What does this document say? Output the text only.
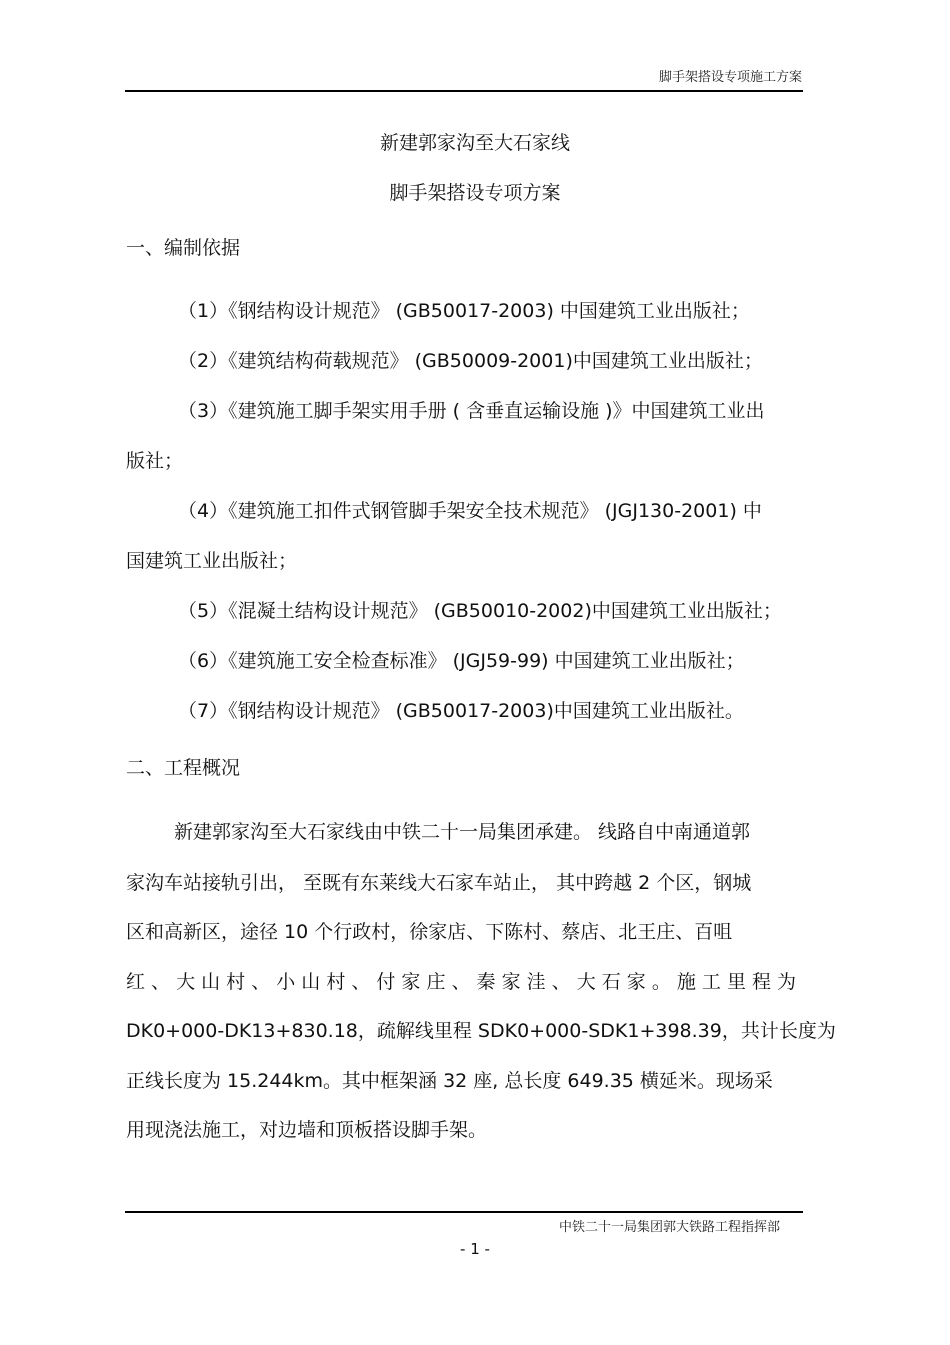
脚手架搭设专项施工方案
新建郭家沟至大石家线
脚手架搭设专项方案
一、编制依据
（1）《钢结构设计规范》 (GB50017-2003) 中国建筑工业出版社；
（2）《建筑结构荷载规范》 (GB50009-2001)中国建筑工业出版社；
（3）《建筑施工脚手架实用手册 ( 含垂直运输设施 )》中国建筑工业出
版社；
（4）《建筑施工扣件式钢管脚手架安全技术规范》 (JGJ130-2001) 中
国建筑工业出版社；
（5）《混凝土结构设计规范》 (GB50010-2002)中国建筑工业出版社；
（6）《建筑施工安全检查标准》 (JGJ59-99) 中国建筑工业出版社；
（7）《钢结构设计规范》 (GB50017-2003)中国建筑工业出版社。
二、工程概况
新建郭家沟至大石家线由中铁二十一局集团承建。 线路自中南通道郭
家沟车站接轨引出， 至既有东莱线大石家车站止， 其中跨越 2 个区，钢城
区和高新区，途径 10 个行政村，徐家店、下陈村、蔡店、北王庄、百咀
红 、 大 山 村 、 小 山 村 、 付 家 庄 、 秦 家 洼 、 大 石 家 。 施 工 里 程 为
DK0+000-DK13+830.18，疏解线里程 SDK0+000-SDK1+398.39，共计长度为
正线长度为 15.244km。其中框架涵 32 座, 总长度 649.35 横延米。现场采
用现浇法施工，对边墙和顶板搭设脚手架。
中铁二十一局集团郭大铁路工程指挥部
- 1 -
